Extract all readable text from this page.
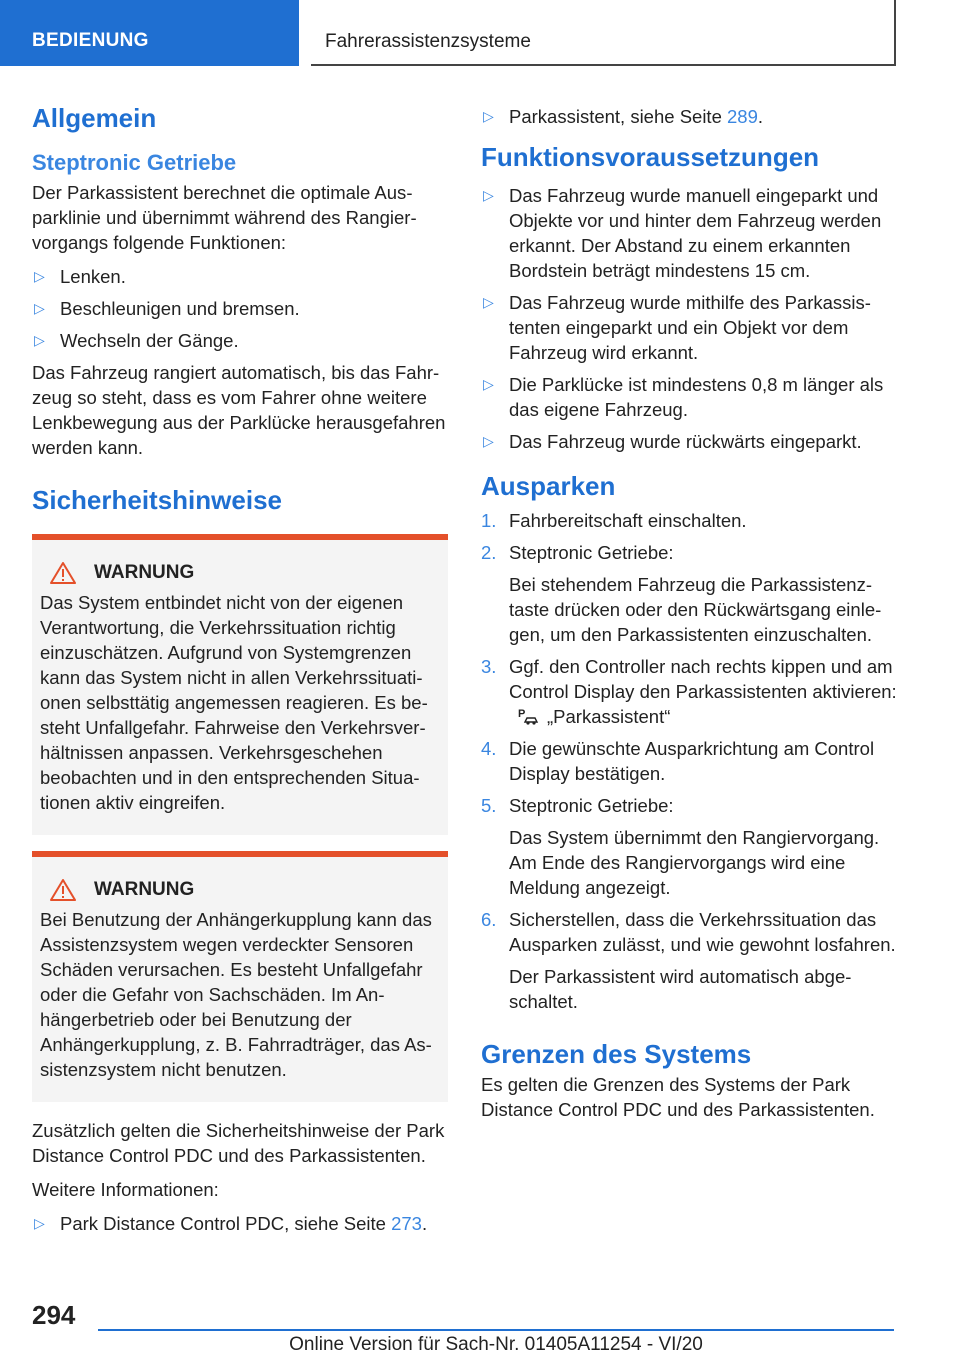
BEDIENUNG	Fahrerassistenzsysteme
Allgemein
Steptronic Getriebe

Der Parkassistent berechnet die optimale Ausparklinie und übernimmt während des Rangiervorgangs folgende Funktionen:

▷ Lenken.
▷ Beschleunigen und bremsen.
▷ Wechseln der Gänge.

Das Fahrzeug rangiert automatisch, bis das Fahrzeug so steht, dass es vom Fahrer ohne weitere Lenkbewegung aus der Parklücke herausgefahren werden kann.

Sicherheitshinweise
WARNUNG

Das System entbindet nicht von der eigenen Verantwortung, die Verkehrssituation richtig einzuschätzen. Aufgrund von Systemgrenzen kann das System nicht in allen Verkehrssituationen selbsttätig angemessen reagieren. Es besteht Unfallgefahr. Fahrweise den Verkehrsverhältnissen anpassen. Verkehrsgeschehen beobachten und in den entsprechenden Situationen aktiv eingreifen.

WARNUNG

Bei Benutzung der Anhängerkupplung kann das Assistenzsystem wegen verdeckter Sensoren Schäden verursachen. Es besteht Unfallgefahr oder die Gefahr von Sachschäden. Im Anhängerbetrieb oder bei Benutzung der Anhängerkupplung, z. B. Fahrradträger, das Assistenzsystem nicht benutzen.

Zusätzlich gelten die Sicherheitshinweise der Park Distance Control PDC und des Parkassistenten.

Weitere Informationen:

▷ Park Distance Control PDC, siehe Seite 273.
▷ Parkassistent, siehe Seite 289.
Funktionsvoraussetzungen
▷ Das Fahrzeug wurde manuell eingeparkt und Objekte vor und hinter dem Fahrzeug werden erkannt. Der Abstand zu einem erkannten Bordstein beträgt mindestens 15 cm.
▷ Das Fahrzeug wurde mithilfe des Parkassistenten eingeparkt und ein Objekt vor dem Fahrzeug wird erkannt.
▷ Die Parklücke ist mindestens 0,8 m länger als das eigene Fahrzeug.
▷ Das Fahrzeug wurde rückwärts eingeparkt.
Ausparken
1. Fahrbereitschaft einschalten.
2. Steptronic Getriebe:
Bei stehendem Fahrzeug die Parkassistenztaste drücken oder den Rückwärtsgang einlegen, um den Parkassistenten einzuschalten.
3. Ggf. den Controller nach rechts kippen und am Control Display den Parkassistenten aktivieren:
P „Parkassistent“
4. Die gewünschte Ausparkrichtung am Control Display bestätigen.
5. Steptronic Getriebe:
Das System übernimmt den Rangiervorgang. Am Ende des Rangiervorgangs wird eine Meldung angezeigt.
6. Sicherstellen, dass die Verkehrssituation das Ausparken zulässt, und wie gewohnt losfahren.
Der Parkassistent wird automatisch abgeschaltet.
Grenzen des Systems

Es gelten die Grenzen des Systems der Park Distance Control PDC und des Parkassistenten.

294
Online Version für Sach-Nr. 01405A11254 - VI/20
